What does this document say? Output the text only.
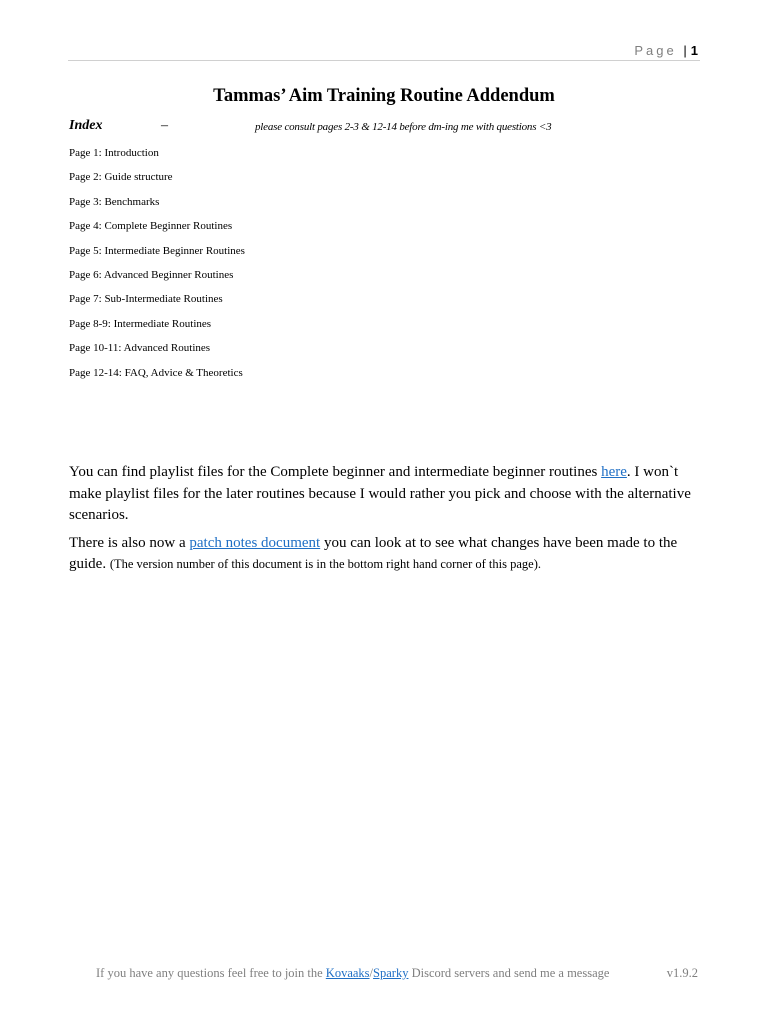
Page | 1
Tammas’ Aim Training Routine Addendum
Index	–	please consult pages 2-3 & 12-14 before dm-ing me with questions <3
Page 1: Introduction
Page 2: Guide structure
Page 3: Benchmarks
Page 4: Complete Beginner Routines
Page 5: Intermediate Beginner Routines
Page 6: Advanced Beginner Routines
Page 7: Sub-Intermediate Routines
Page 8-9: Intermediate Routines
Page 10-11: Advanced Routines
Page 12-14: FAQ, Advice & Theoretics

You can find playlist files for the Complete beginner and intermediate beginner routines here. I won`t make playlist files for the later routines because I would rather you pick and choose with the alternative scenarios.

There is also now a patch notes document you can look at to see what changes have been made to the guide. (The version number of this document is in the bottom right hand corner of this page).

If you have any questions feel free to join the Kovaaks/Sparky Discord servers and send me a message	v1.9.2
